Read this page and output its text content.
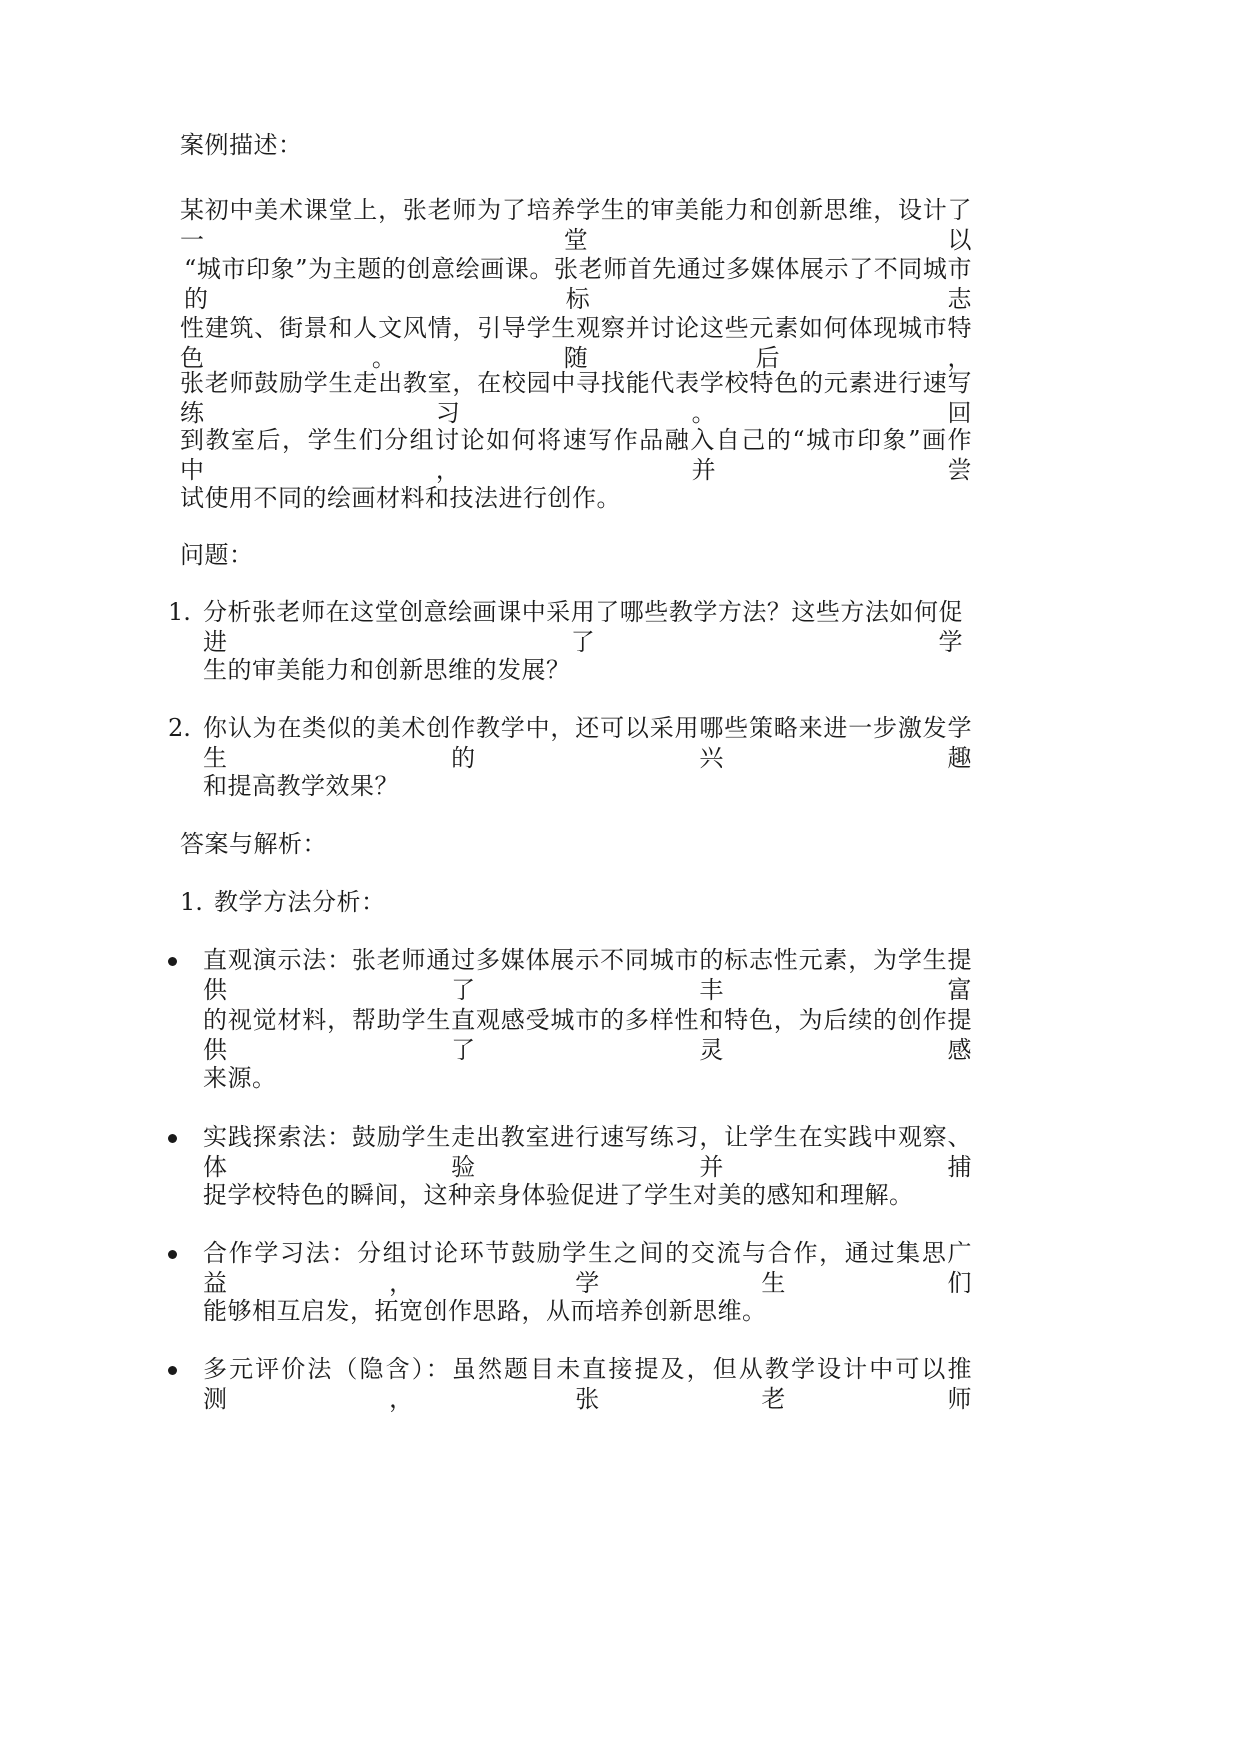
案例描述：
某初中美术课堂上，张老师为了培养学生的审美能力和创新思维，设计了一堂以
“城市印象”为主题的创意绘画课。张老师首先通过多媒体展示了不同城市的标志
性建筑、街景和人文风情，引导学生观察并讨论这些元素如何体现城市特色。随后，
张老师鼓励学生走出教室，在校园中寻找能代表学校特色的元素进行速写练习。回
到教室后，学生们分组讨论如何将速写作品融入自己的“城市印象”画作中，并尝
试使用不同的绘画材料和技法进行创作。
问题：
1. 分析张老师在这堂创意绘画课中采用了哪些教学方法？这些方法如何促进了学
生的审美能力和创新思维的发展？
2. 你认为在类似的美术创作教学中，还可以采用哪些策略来进一步激发学生的兴趣
和提高教学效果？
答案与解析：
1. 教学方法分析：
直观演示法：张老师通过多媒体展示不同城市的标志性元素，为学生提供了丰富
的视觉材料，帮助学生直观感受城市的多样性和特色，为后续的创作提供了灵感
来源。
实践探索法：鼓励学生走出教室进行速写练习，让学生在实践中观察、体验并捕
捉学校特色的瞬间，这种亲身体验促进了学生对美的感知和理解。
合作学习法：分组讨论环节鼓励学生之间的交流与合作，通过集思广益，学生们
能够相互启发，拓宽创作思路，从而培养创新思维。
多元评价法（隐含）：虽然题目未直接提及，但从教学设计中可以推测，张老师
